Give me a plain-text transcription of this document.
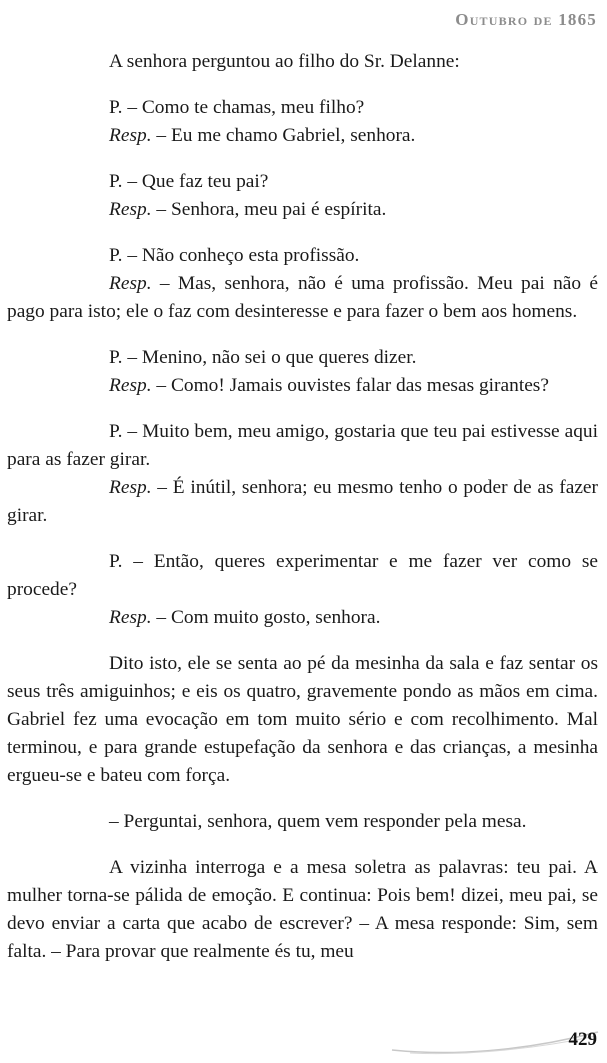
Outubro de 1865

A senhora perguntou ao filho do Sr. Delanne:

P. – Como te chamas, meu filho?

Resp. – Eu me chamo Gabriel, senhora.

P. – Que faz teu pai?

Resp. – Senhora, meu pai é espírita.

P. – Não conheço esta profissão.

Resp. – Mas, senhora, não é uma profissão. Meu pai não é pago para isto; ele o faz com desinteresse e para fazer o bem aos homens.

P. – Menino, não sei o que queres dizer.

Resp. – Como! Jamais ouvistes falar das mesas girantes?

P. – Muito bem, meu amigo, gostaria que teu pai estivesse aqui para as fazer girar.

Resp. – É inútil, senhora; eu mesmo tenho o poder de as fazer girar.

P. – Então, queres experimentar e me fazer ver como se procede?

Resp. – Com muito gosto, senhora.

Dito isto, ele se senta ao pé da mesinha da sala e faz sentar os seus três amiguinhos; e eis os quatro, gravemente pondo as mãos em cima. Gabriel fez uma evocação em tom muito sério e com recolhimento. Mal terminou, e para grande estupefação da senhora e das crianças, a mesinha ergueu-se e bateu com força.

– Perguntai, senhora, quem vem responder pela mesa.

A vizinha interroga e a mesa soletra as palavras: teu pai. A mulher torna-se pálida de emoção. E continua: Pois bem! dizei, meu pai, se devo enviar a carta que acabo de escrever? – A mesa responde: Sim, sem falta. – Para provar que realmente és tu, meu

429
